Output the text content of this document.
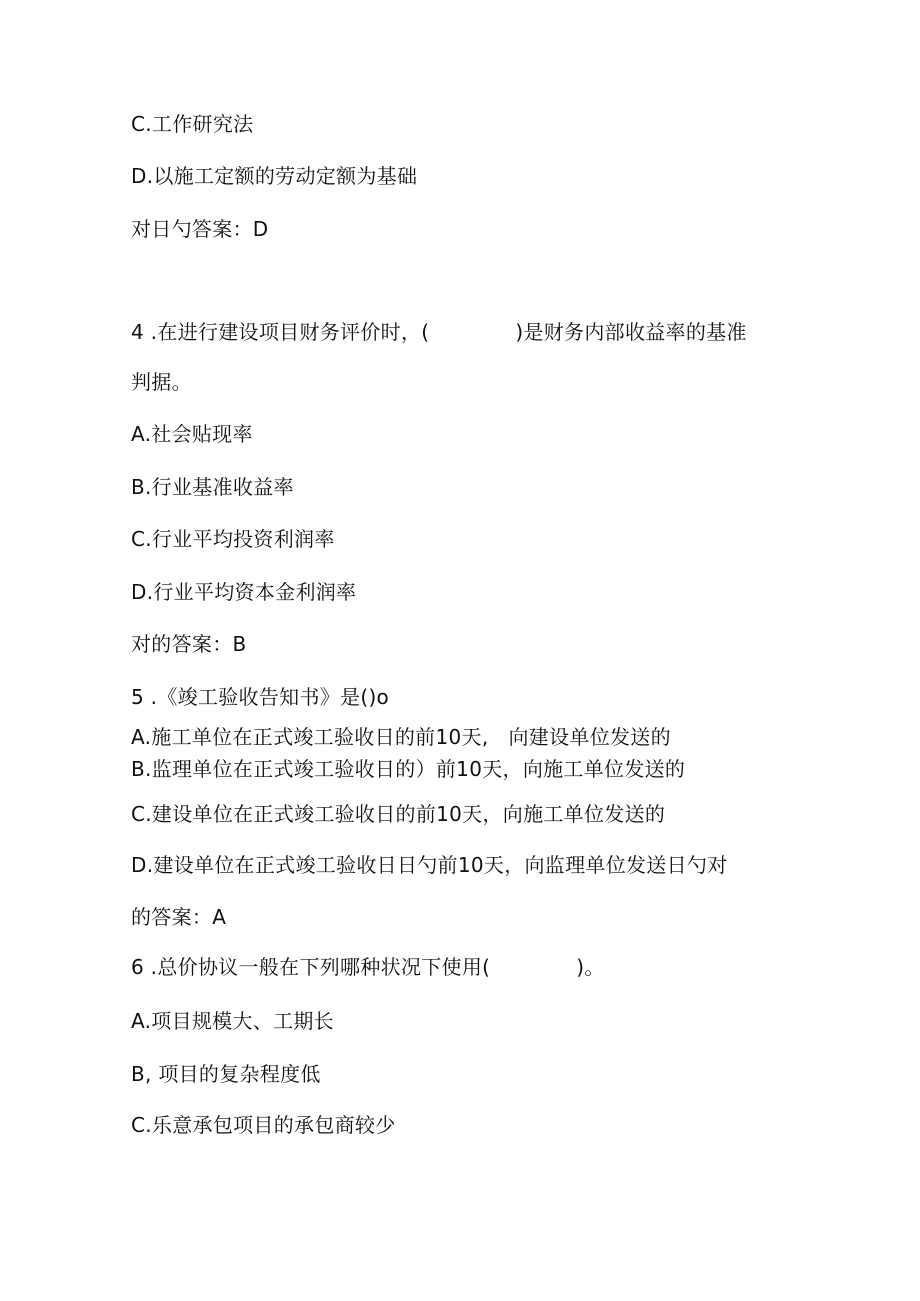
C.工作研究法
D.以施工定额的劳动定额为基础
对日勺答案：D
4 .在进行建设项目财务评价时，(	)是财务内部收益率的基准
判据。
A.社会贴现率
B.行业基准收益率
C.行业平均投资利润率
D.行业平均资本金利润率
对的答案：B
5 .《竣工验收告知书》是()o
A.施工单位在正式竣工验收日的前10天, 向建设单位发送的
B.监理单位在正式竣工验收日的）前10天，向施工单位发送的
C.建设单位在正式竣工验收日的前10天，向施工单位发送的
D.建设单位在正式竣工验收日日勺前10天，向监理单位发送日勺对
的答案：A
6 .总价协议一般在下列哪种状况下使用(	)。
A.项目规模大、工期长
B, 项目的复杂程度低
C.乐意承包项目的承包商较少
